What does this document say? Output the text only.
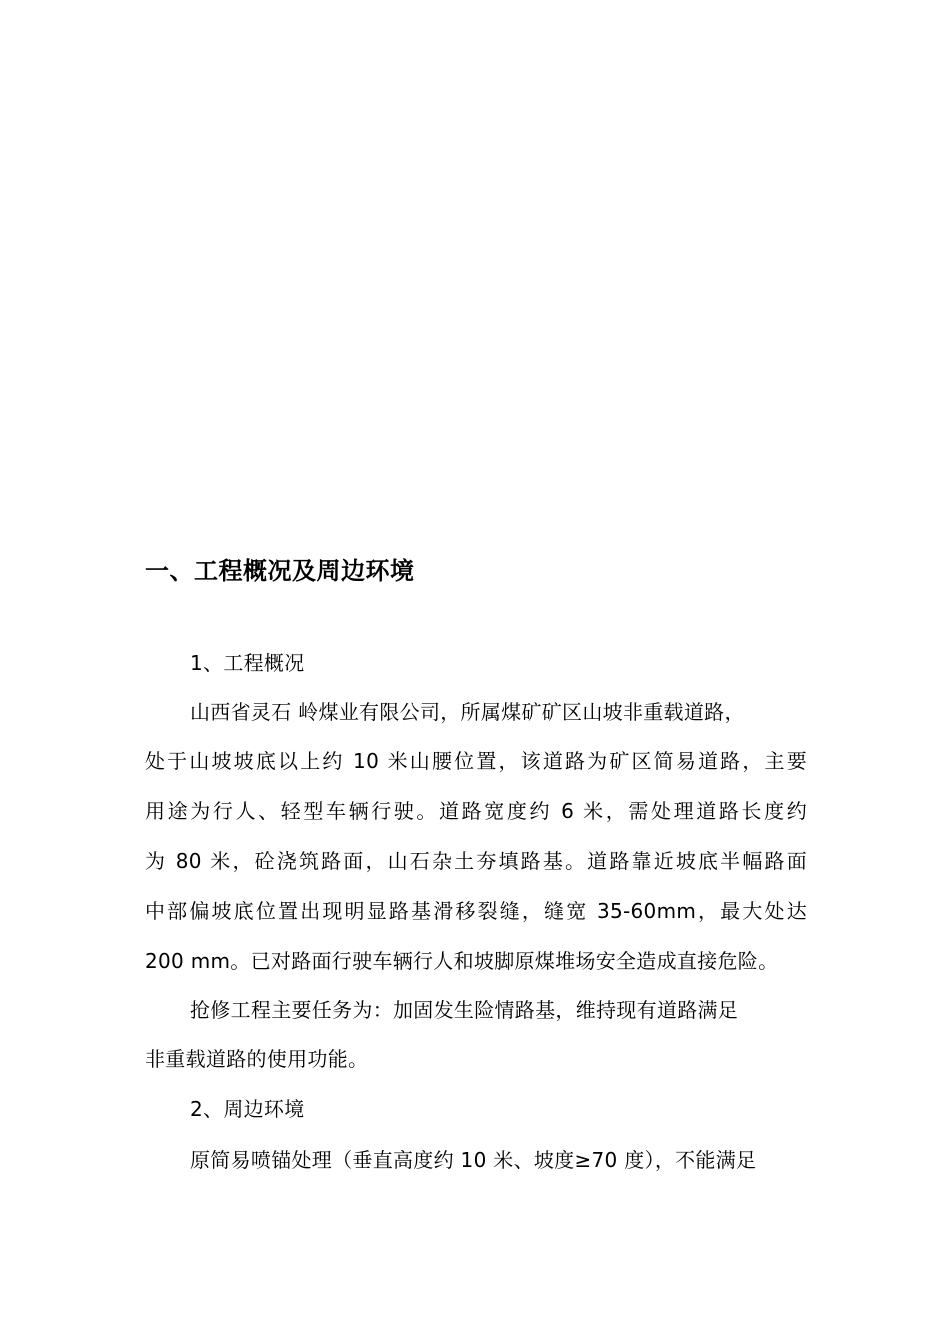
一、工程概况及周边环境

1、工程概况

山西省灵石 岭煤业有限公司，所属煤矿矿区山坡非重载道路，

处于山坡坡底以上约 10 米山腰位置，该道路为矿区简易道路，主要

用途为行人、轻型车辆行驶。道路宽度约 6 米，需处理道路长度约

为 80 米，砼浇筑路面，山石杂土夯填路基。道路靠近坡底半幅路面

中部偏坡底位置出现明显路基滑移裂缝，缝宽 35-60mm，最大处达

200 mm。已对路面行驶车辆行人和坡脚原煤堆场安全造成直接危险。

抢修工程主要任务为：加固发生险情路基，维持现有道路满足

非重载道路的使用功能。

2、周边环境

原简易喷锚处理（垂直高度约 10 米、坡度≥70 度），不能满足
